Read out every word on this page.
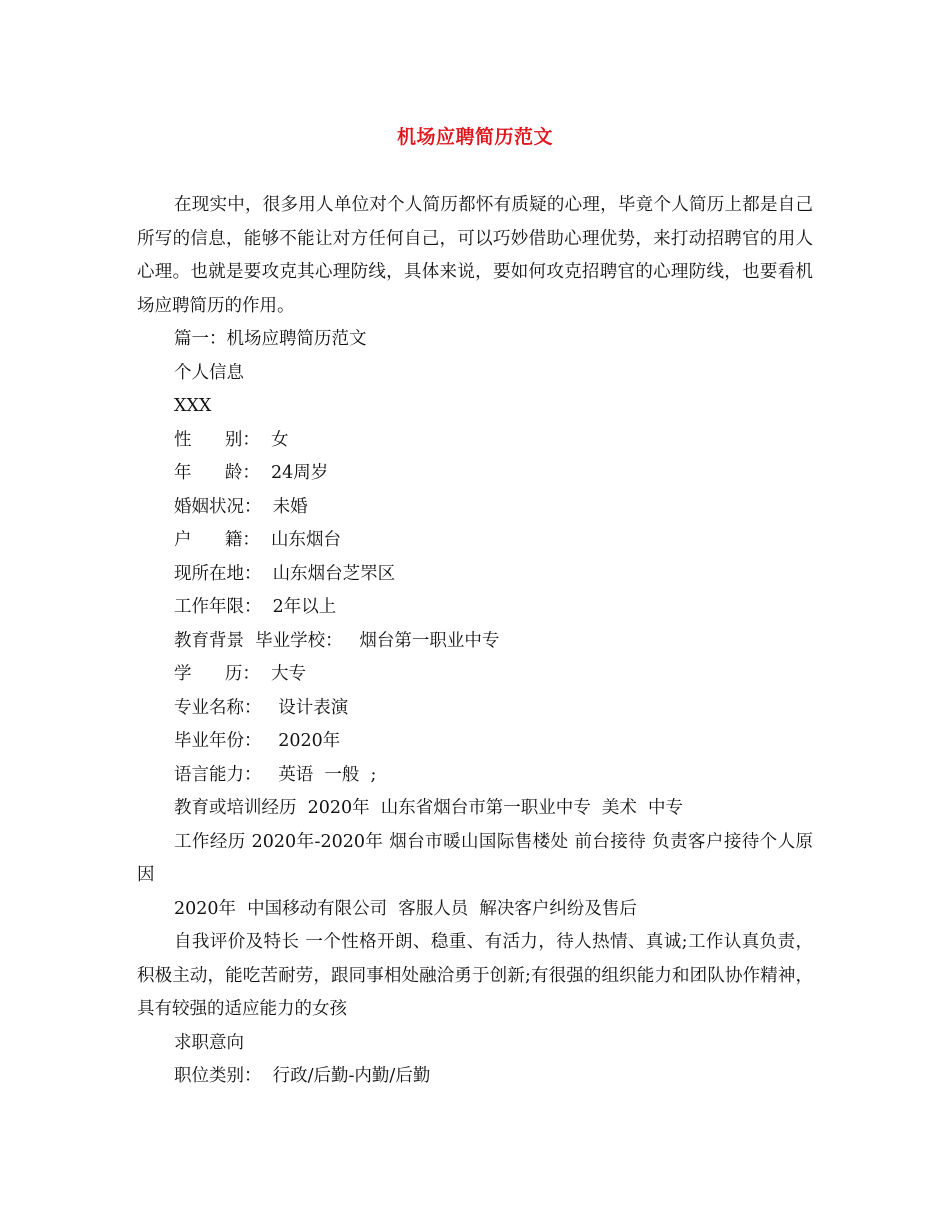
机场应聘简历范文

在现实中，很多用人单位对个人简历都怀有质疑的心理，毕竟个人简历上都是自己所写的信息，能够不能让对方任何自己，可以巧妙借助心理优势，来打动招聘官的用人心理。也就是要攻克其心理防线，具体来说，要如何攻克招聘官的心理防线，也要看机场应聘简历的作用。

篇一：机场应聘简历范文

个人信息

XXX

性      别：  女

年      龄：  24周岁

婚姻状况：  未婚

户      籍：  山东烟台

现所在地：  山东烟台芝罘区

工作年限：  2年以上

教育背景  毕业学校：   烟台第一职业中专

学      历：  大专

专业名称：   设计表演

毕业年份：   2020年

语言能力：   英语  一般  ;

教育或培训经历  2020年  山东省烟台市第一职业中专  美术  中专

工作经历 2020年-2020年 烟台市暖山国际售楼处 前台接待 负责客户接待个人原因

2020年  中国移动有限公司  客服人员  解决客户纠纷及售后

自我评价及特长 一个性格开朗、稳重、有活力，待人热情、真诚;工作认真负责，积极主动，能吃苦耐劳，跟同事相处融洽勇于创新;有很强的组织能力和团队协作精神，具有较强的适应能力的女孩

求职意向

职位类别：  行政/后勤-内勤/后勤
